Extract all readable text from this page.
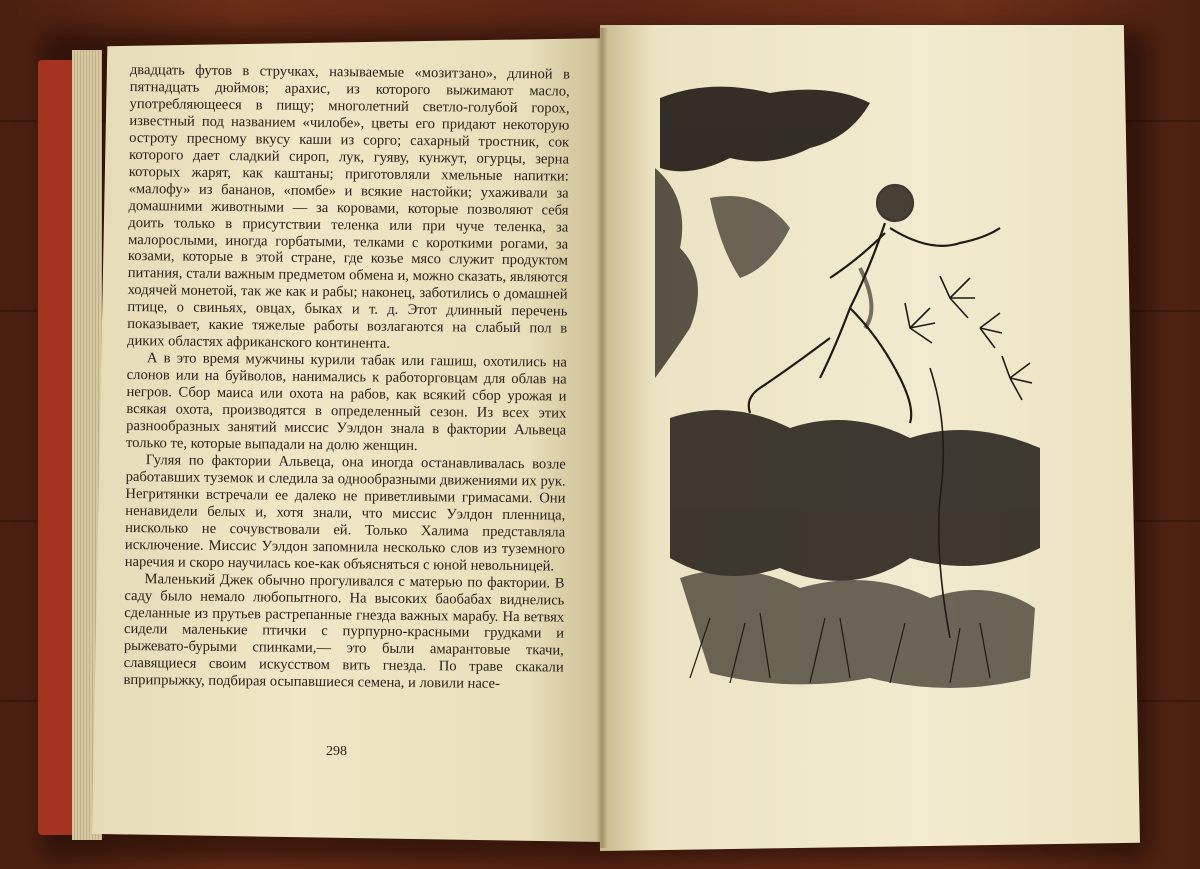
двадцать футов в стручках, называемые «мозитзано», длиной в пятнадцать дюймов; арахис, из которого выжимают масло, употребляющееся в пищу; многолетний светло-голубой горох, известный под названием «чилобе», цветы его придают некоторую остроту пресному вкусу каши из сорго; сахарный тростник, сок которого дает сладкий сироп, лук, гуяву, кунжут, огурцы, зерна которых жарят, как каштаны; приготовляли хмельные напитки: «малофу» из бананов, «помбе» и всякие настойки; ухаживали за домашними животными — за коровами, которые позволяют себя доить только в присутствии теленка или при чуче теленка, за малорослыми, иногда горбатыми, телками с короткими рогами, за козами, которые в этой стране, где козье мясо служит продуктом питания, стали важным предметом обмена и, можно сказать, являются ходячей монетой, так же как и рабы; наконец, заботились о домашней птице, о свиньях, овцах, быках и т. д. Этот длинный перечень показывает, какие тяжелые работы возлагаются на слабый пол в диких областях африканского континента.

А в это время мужчины курили табак или гашиш, охотились на слонов или на буйволов, нанимались к работорговцам для облав на негров. Сбор маиса или охота на рабов, как всякий сбор урожая и всякая охота, производятся в определенный сезон. Из всех этих разнообразных занятий миссис Уэлдон знала в фактории Альвеца только те, которые выпадали на долю женщин.

Гуляя по фактории Альвеца, она иногда останавливалась возле работавших туземок и следила за однообразными движениями их рук. Негритянки встречали ее далеко не приветливыми гримасами. Они ненавидели белых и, хотя знали, что миссис Уэлдон пленница, нисколько не сочувствовали ей. Только Халима представляла исключение. Миссис Уэлдон запомнила несколько слов из туземного наречия и скоро научилась кое-как объясняться с юной невольницей.

Маленький Джек обычно прогуливался с матерью по фактории. В саду было немало любопытного. На высоких баобабах виднелись сделанные из прутьев растрепанные гнезда важных марабу. На ветвях сидели маленькие птички с пурпурно-красными грудками и рыжевато-бурыми спинками,— это были амарантовые ткачи, славящиеся своим искусством вить гнезда. По траве скакали вприпрыжку, подбирая осыпавшиеся семена, и ловили насе-

298
